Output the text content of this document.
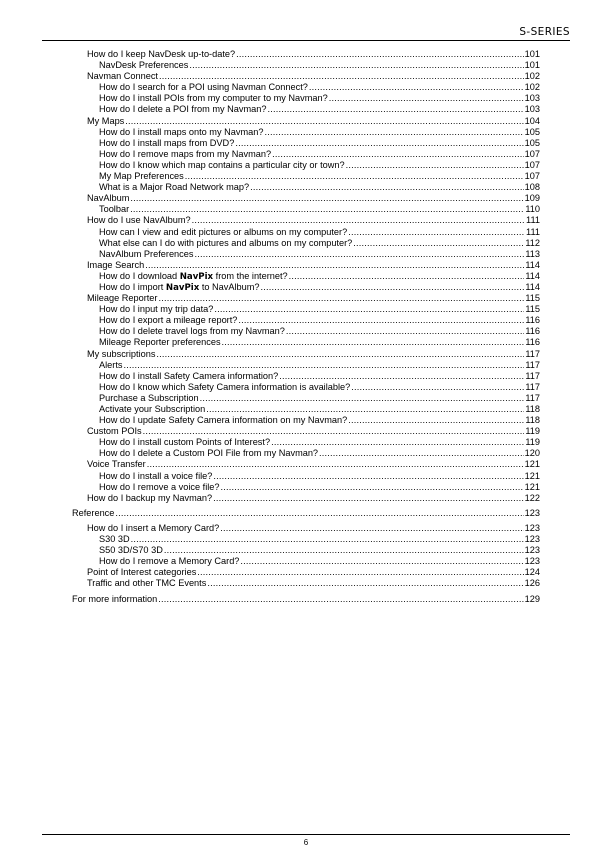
S-SERIES
How do I keep NavDesk up-to-date? .....	101
NavDesk Preferences .....	101
Navman Connect .....	102
How do I search for a POI using Navman Connect? .....	102
How do I install POIs from my computer to my Navman? .....	103
How do I delete a POI from my Navman? .....	103
My Maps .....	104
How do I install maps onto my Navman? .....	105
How do I install maps from DVD? .....	105
How do I remove maps from my Navman? .....	107
How do I know which map contains a particular city or town? .....	107
My Map Preferences .....	107
What is a Major Road Network map? .....	108
NavAlbum .....	109
Toolbar .....	110
How do I use NavAlbum? .....	111
How can I view and edit pictures or albums on my computer? .....	111
What else can I do with pictures and albums on my computer? .....	112
NavAlbum Preferences .....	113
Image Search .....	114
How do I download NavPix from the internet? .....	114
How do I import NavPix to NavAlbum? .....	114
Mileage Reporter .....	115
How do I input my trip data? .....	115
How do I export a mileage report? .....	116
How do I delete travel logs from my Navman? .....	116
Mileage Reporter preferences .....	116
My subscriptions .....	117
Alerts .....	117
How do I install Safety Camera information? .....	117
How do I know which Safety Camera information is available? .....	117
Purchase a Subscription .....	117
Activate your Subscription .....	118
How do I update Safety Camera information on my Navman? .....	118
Custom POIs .....	119
How do I install custom Points of Interest? .....	119
How do I delete a Custom POI File from my Navman? .....	120
Voice Transfer .....	121
How do I install a voice file? .....	121
How do I remove a voice file? .....	121
How do I backup my Navman? .....	122
Reference .....	123
How do I insert a Memory Card? .....	123
S30 3D .....	123
S50 3D/S70 3D .....	123
How do I remove a Memory Card? .....	123
Point of Interest categories .....	124
Traffic and other TMC Events .....	126
For more information .....	129
6
